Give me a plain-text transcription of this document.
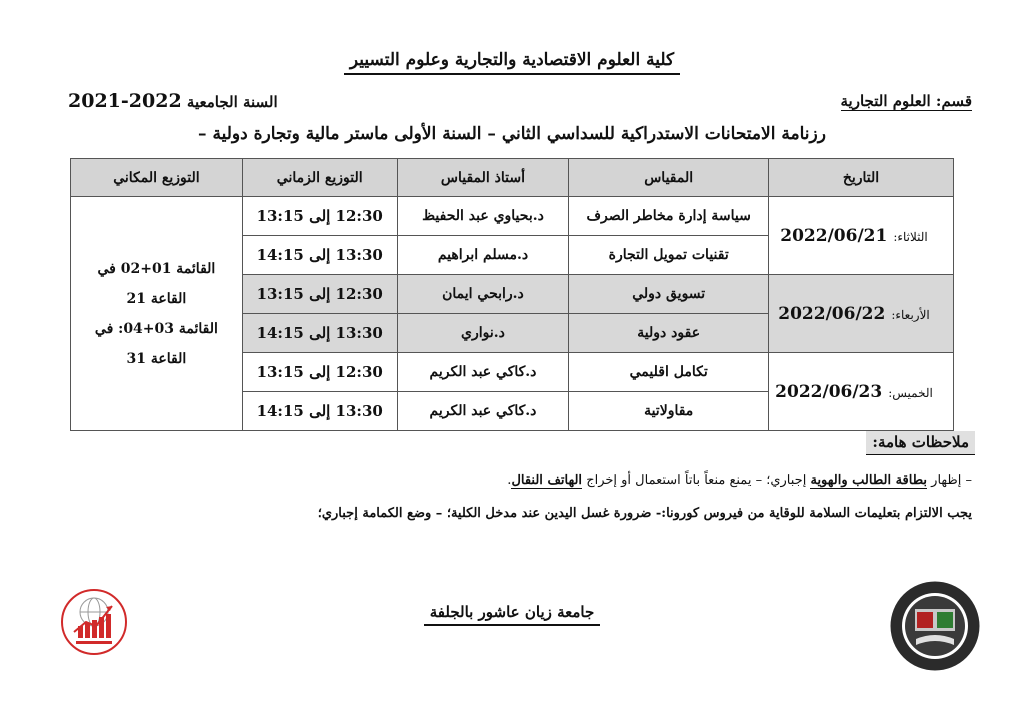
كلية العلوم الاقتصادية والتجارية وعلوم التسيير
قسم: العلوم التجارية
السنة الجامعية 2022-2021
رزنامة الامتحانات الاستدراكية للسداسي الثاني – السنة الأولى ماستر مالية وتجارة دولية –
التاريخ	المقياس	أستاذ المقياس	التوزيع الزماني	التوزيع المكاني
الثلاثاء:2022/06/21	سياسة إدارة مخاطر الصرف	د.بحياوي عبد الحفيظ	12:30 إلى 13:15	القائمة 01+02 في القاعة 21
القائمة 03+04: في القاعة 31

	تقنيات تمويل التجارة	د.مسلم ابراهيم	13:30 إلى 14:15	
الأربعاء:2022/06/22	تسويق دولي	د.رابحي ايمان	12:30 إلى 13:15	
	عقود دولية	د.نواري	13:30 إلى 14:15	
الخميس:2022/06/23	تكامل اقليمي	د.كاكي عبد الكريم	12:30 إلى 13:15	
	مقاولاتية	د.كاكي عبد الكريم	13:30 إلى 14:15	
ملاحظات هامة:
– إظهار بطاقة الطالب والهوية إجباري؛ – يمنع منعاً باتاً استعمال أو إخراج الهاتف النقال.
يجب الالتزام بتعليمات السلامة للوقاية من فيروس كورونا:- ضرورة غسل اليدين عند مدخل الكلية؛ – وضع الكمامة إجباري؛
جامعة زيان عاشور بالجلفة
